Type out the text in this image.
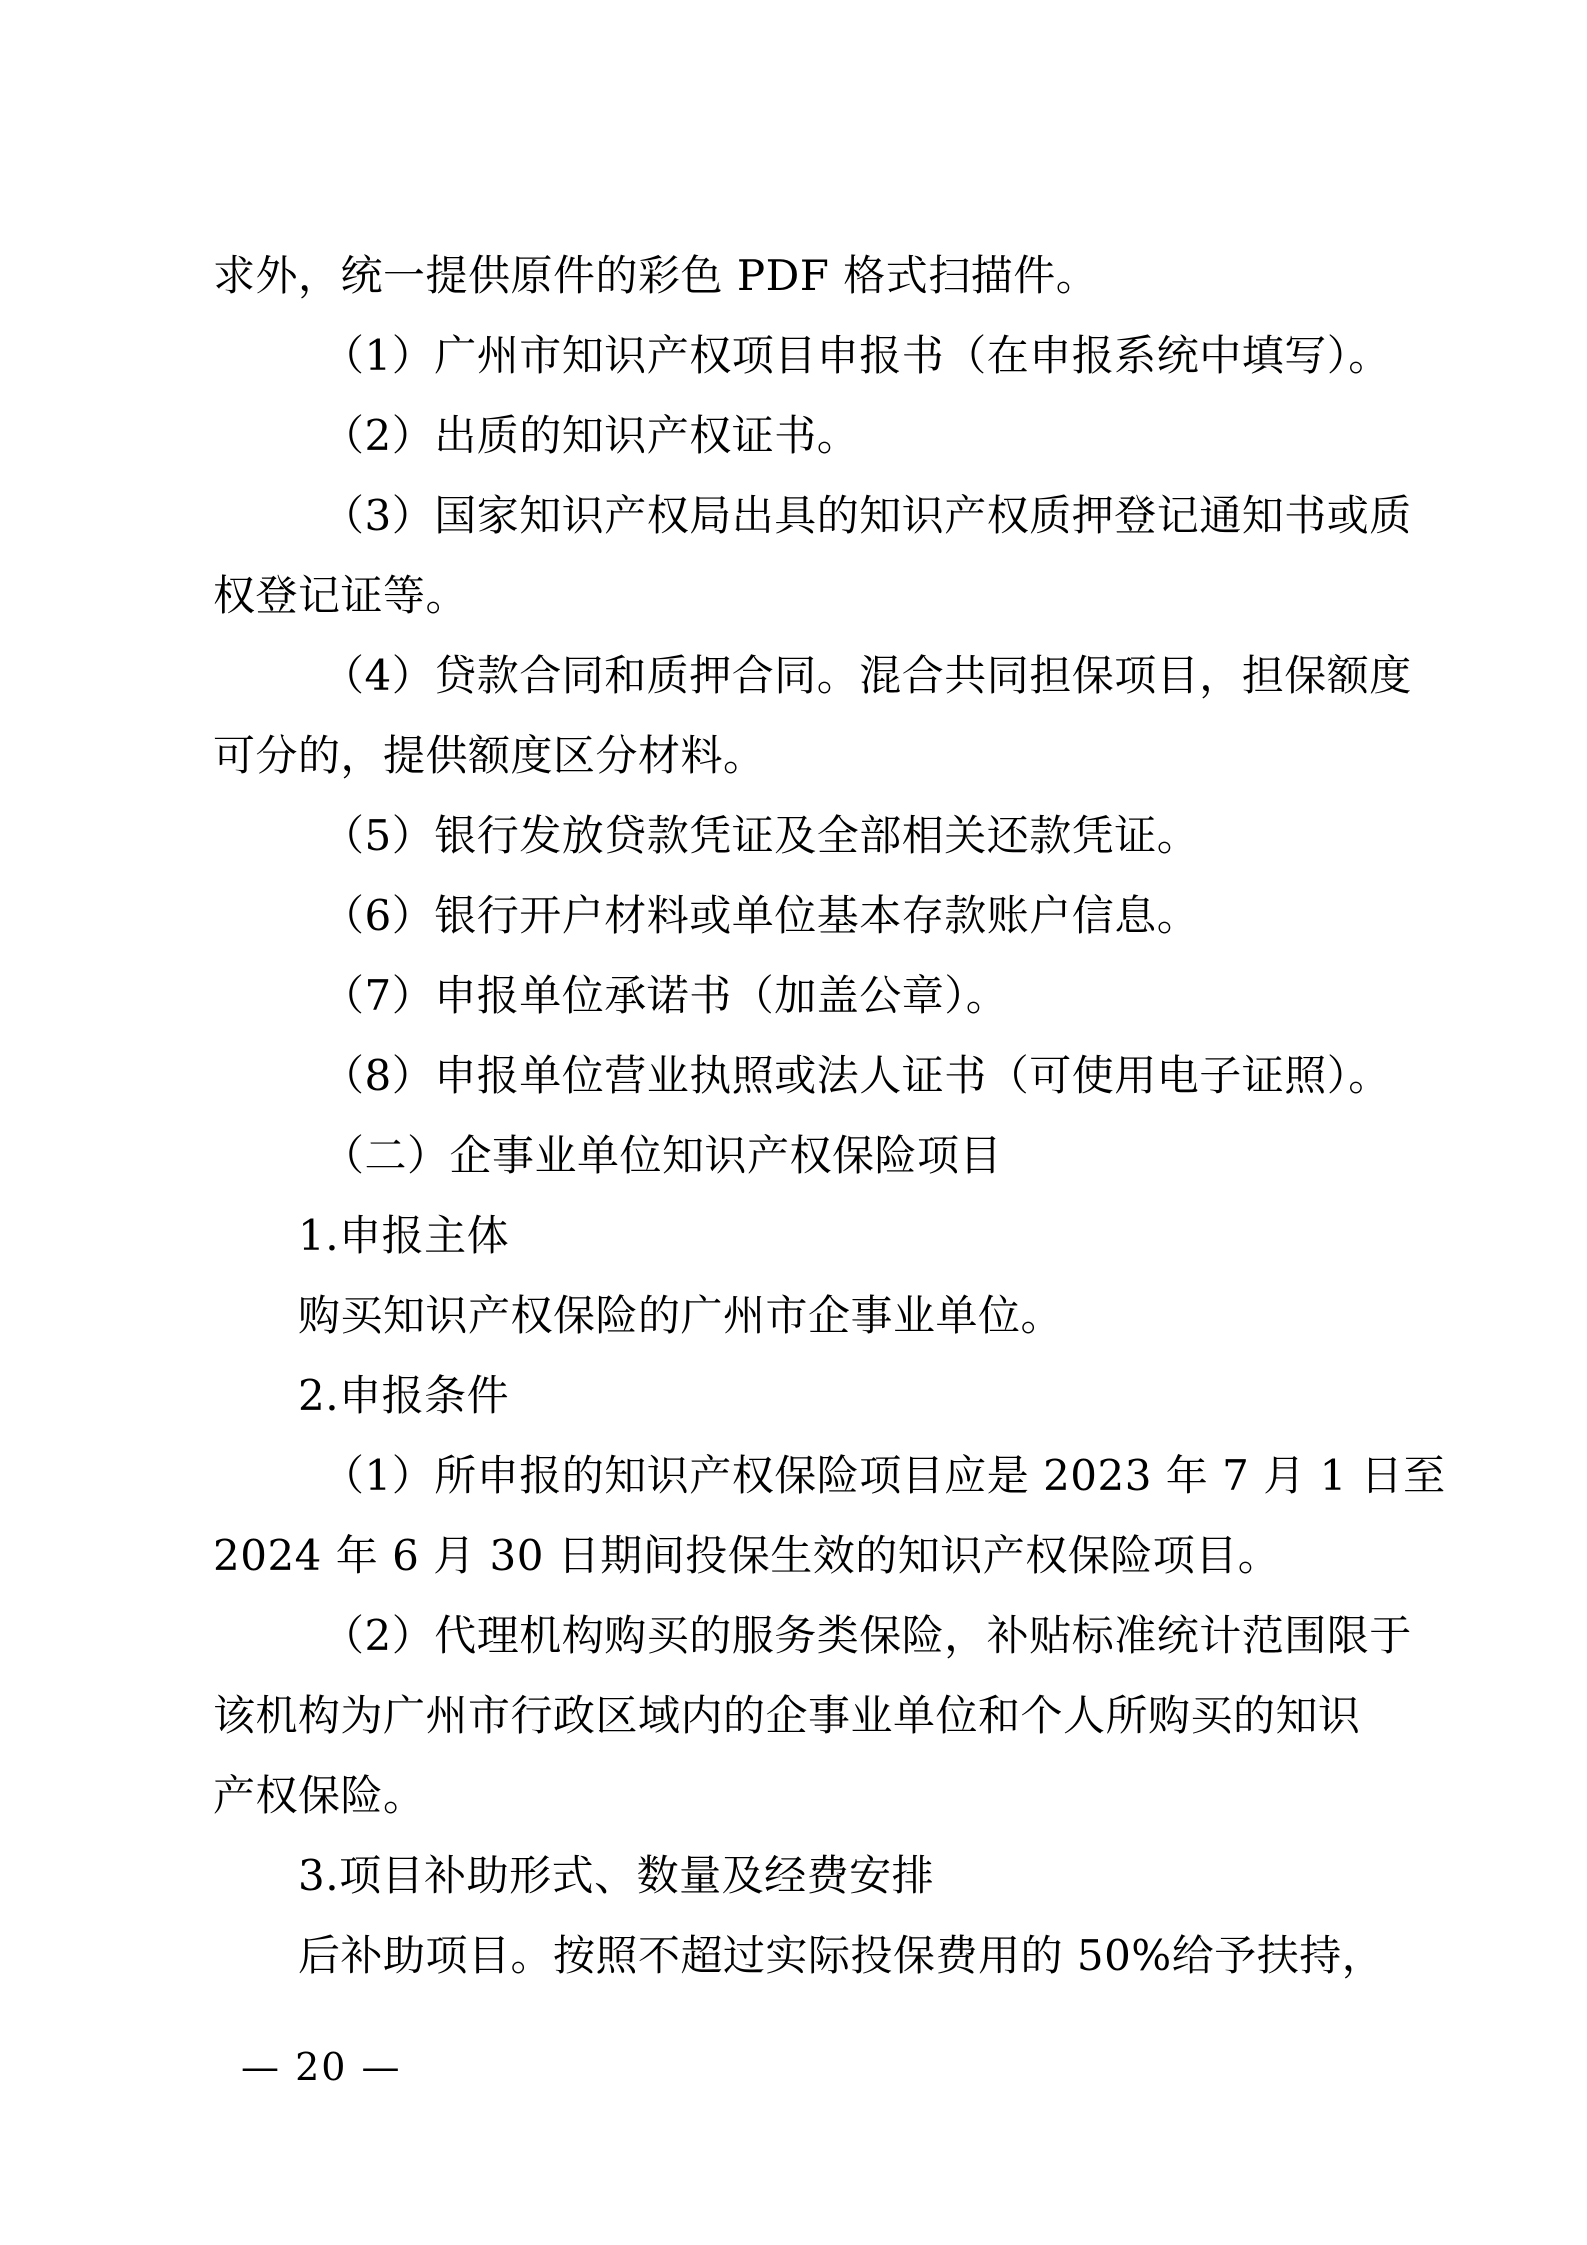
求外，统一提供原件的彩色 PDF 格式扫描件。
（1）广州市知识产权项目申报书（在申报系统中填写）。
（2）出质的知识产权证书。
（3）国家知识产权局出具的知识产权质押登记通知书或质
权登记证等。
（4）贷款合同和质押合同。混合共同担保项目，担保额度
可分的，提供额度区分材料。
（5）银行发放贷款凭证及全部相关还款凭证。
（6）银行开户材料或单位基本存款账户信息。
（7）申报单位承诺书（加盖公章）。
（8）申报单位营业执照或法人证书（可使用电子证照）。
（二）企事业单位知识产权保险项目
1.申报主体
购买知识产权保险的广州市企事业单位。
2.申报条件
（1）所申报的知识产权保险项目应是 2023 年 7 月 1 日至
2024 年 6 月 30 日期间投保生效的知识产权保险项目。
（2）代理机构购买的服务类保险，补贴标准统计范围限于
该机构为广州市行政区域内的企事业单位和个人所购买的知识
产权保险。
3.项目补助形式、数量及经费安排
后补助项目。按照不超过实际投保费用的 50%给予扶持，
— 20 —
